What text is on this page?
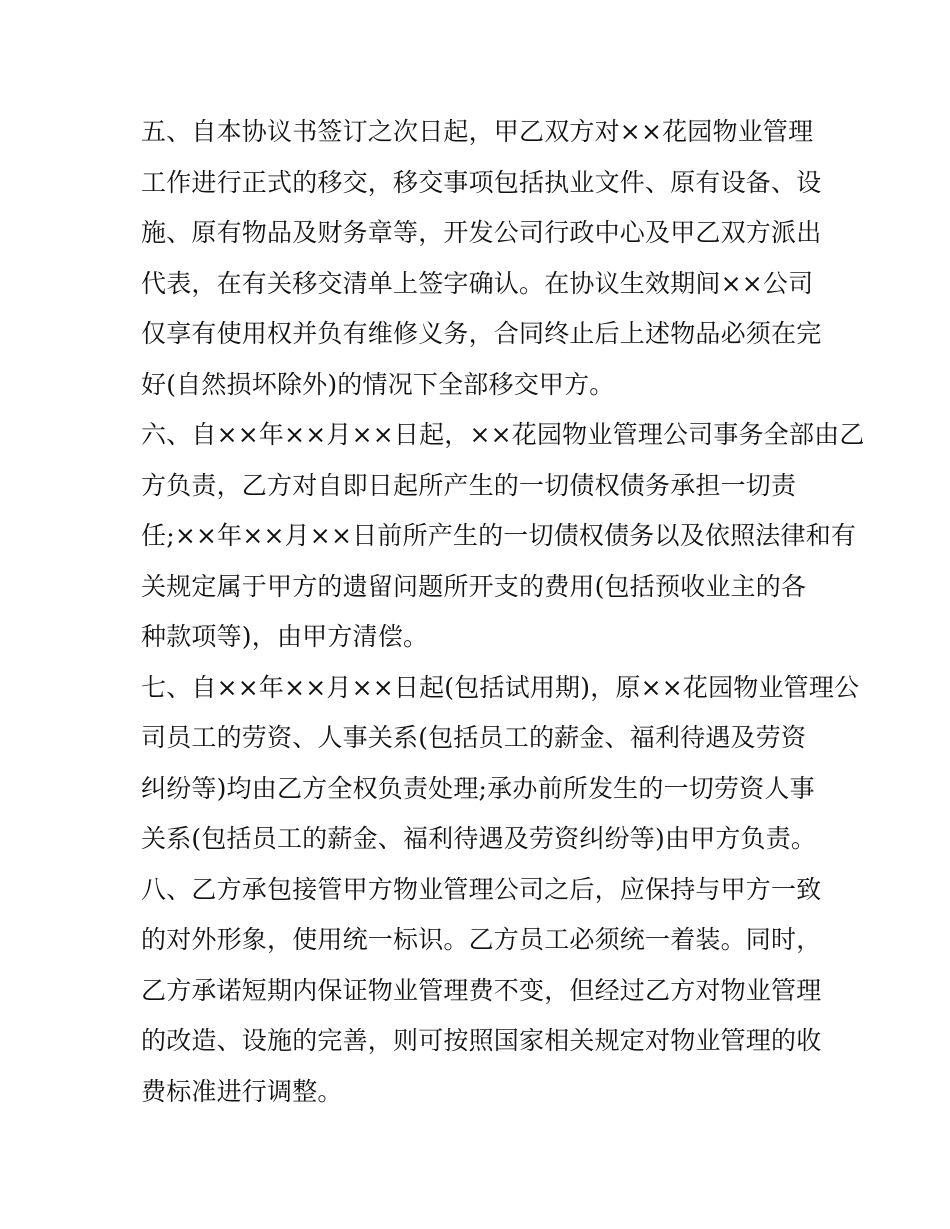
五、自本协议书签订之次日起，甲乙双方对××花园物业管理
工作进行正式的移交，移交事项包括执业文件、原有设备、设
施、原有物品及财务章等，开发公司行政中心及甲乙双方派出
代表，在有关移交清单上签字确认。在协议生效期间××公司
仅享有使用权并负有维修义务，合同终止后上述物品必须在完
好(自然损坏除外)的情况下全部移交甲方。
六、自××年××月××日起，××花园物业管理公司事务全部由乙
方负责，乙方对自即日起所产生的一切债权债务承担一切责
任;××年××月××日前所产生的一切债权债务以及依照法律和有
关规定属于甲方的遗留问题所开支的费用(包括预收业主的各
种款项等)，由甲方清偿。
七、自××年××月××日起(包括试用期)，原××花园物业管理公
司员工的劳资、人事关系(包括员工的薪金、福利待遇及劳资
纠纷等)均由乙方全权负责处理;承办前所发生的一切劳资人事
关系(包括员工的薪金、福利待遇及劳资纠纷等)由甲方负责。
八、乙方承包接管甲方物业管理公司之后，应保持与甲方一致
的对外形象，使用统一标识。乙方员工必须统一着装。同时，
乙方承诺短期内保证物业管理费不变，但经过乙方对物业管理
的改造、设施的完善，则可按照国家相关规定对物业管理的收
费标准进行调整。
